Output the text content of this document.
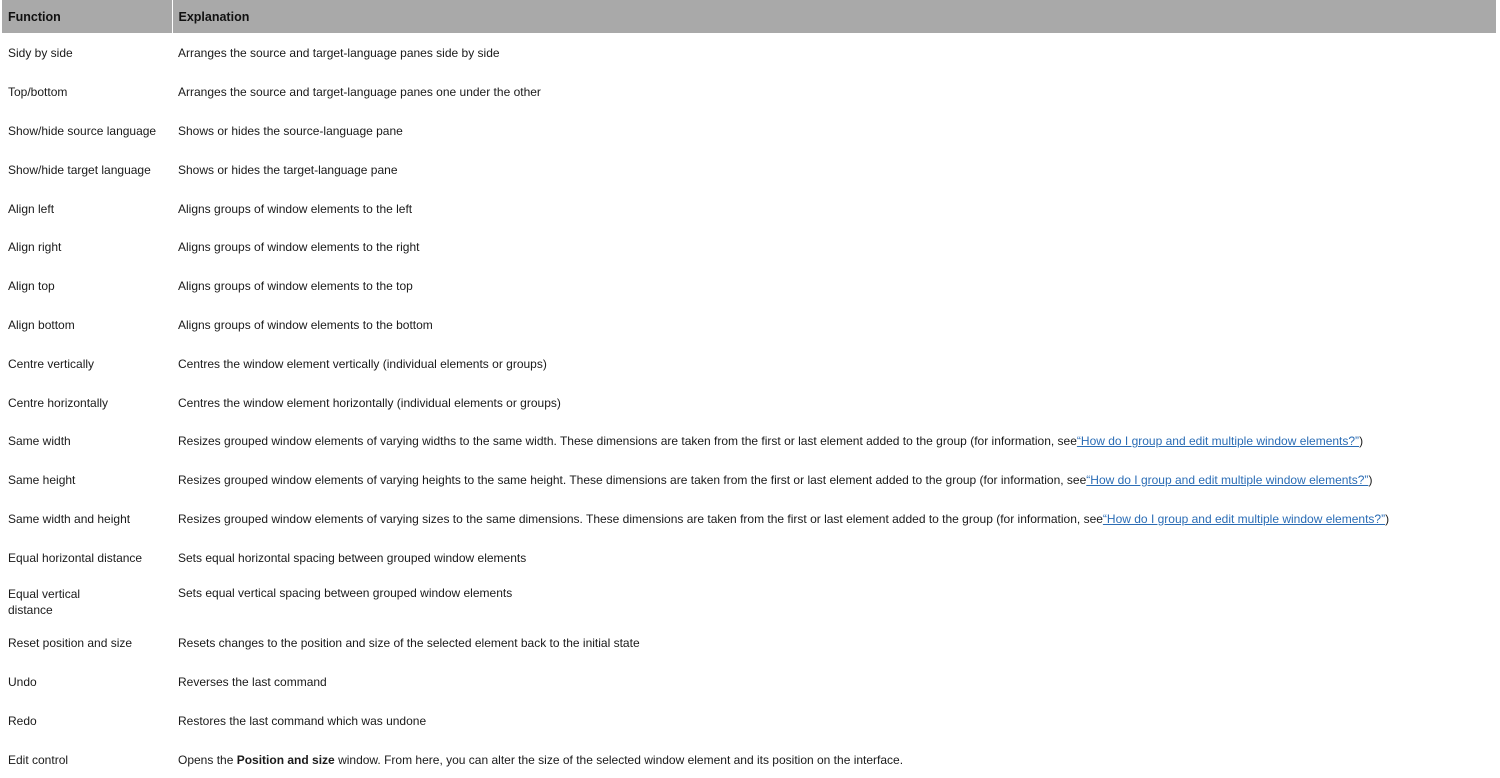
Function	Explanation
Sidy by side	Arranges the source and target-language panes side by side
Top/bottom	Arranges the source and target-language panes one under the other
Show/hide source language	Shows or hides the source-language pane
Show/hide target language	Shows or hides the target-language pane
Align left	Aligns groups of window elements to the left
Align right	Aligns groups of window elements to the right
Align top	Aligns groups of window elements to the top
Align bottom	Aligns groups of window elements to the bottom
Centre vertically	Centres the window element vertically (individual elements or groups)
Centre horizontally	Centres the window element horizontally (individual elements or groups)
Same width	Resizes grouped window elements of varying widths to the same width. These dimensions are taken from the first or last element added to the group (for information, see“How do I group and edit multiple window elements?”)
Same height	Resizes grouped window elements of varying heights to the same height. These dimensions are taken from the first or last element added to the group (for information, see“How do I group and edit multiple window elements?”)
Same width and height	Resizes grouped window elements of varying sizes to the same dimensions. These dimensions are taken from the first or last element added to the group (for information, see“How do I group and edit multiple window elements?”)
Equal horizontal distance	Sets equal horizontal spacing between grouped window elements

Equal vertical distance	Sets equal vertical spacing between grouped window elements
Reset position and size	Resets changes to the position and size of the selected element back to the initial state
Undo	Reverses the last command
Redo	Restores the last command which was undone
Edit control	Opens the Position and size window. From here, you can alter the size of the selected window element and its position on the interface.
